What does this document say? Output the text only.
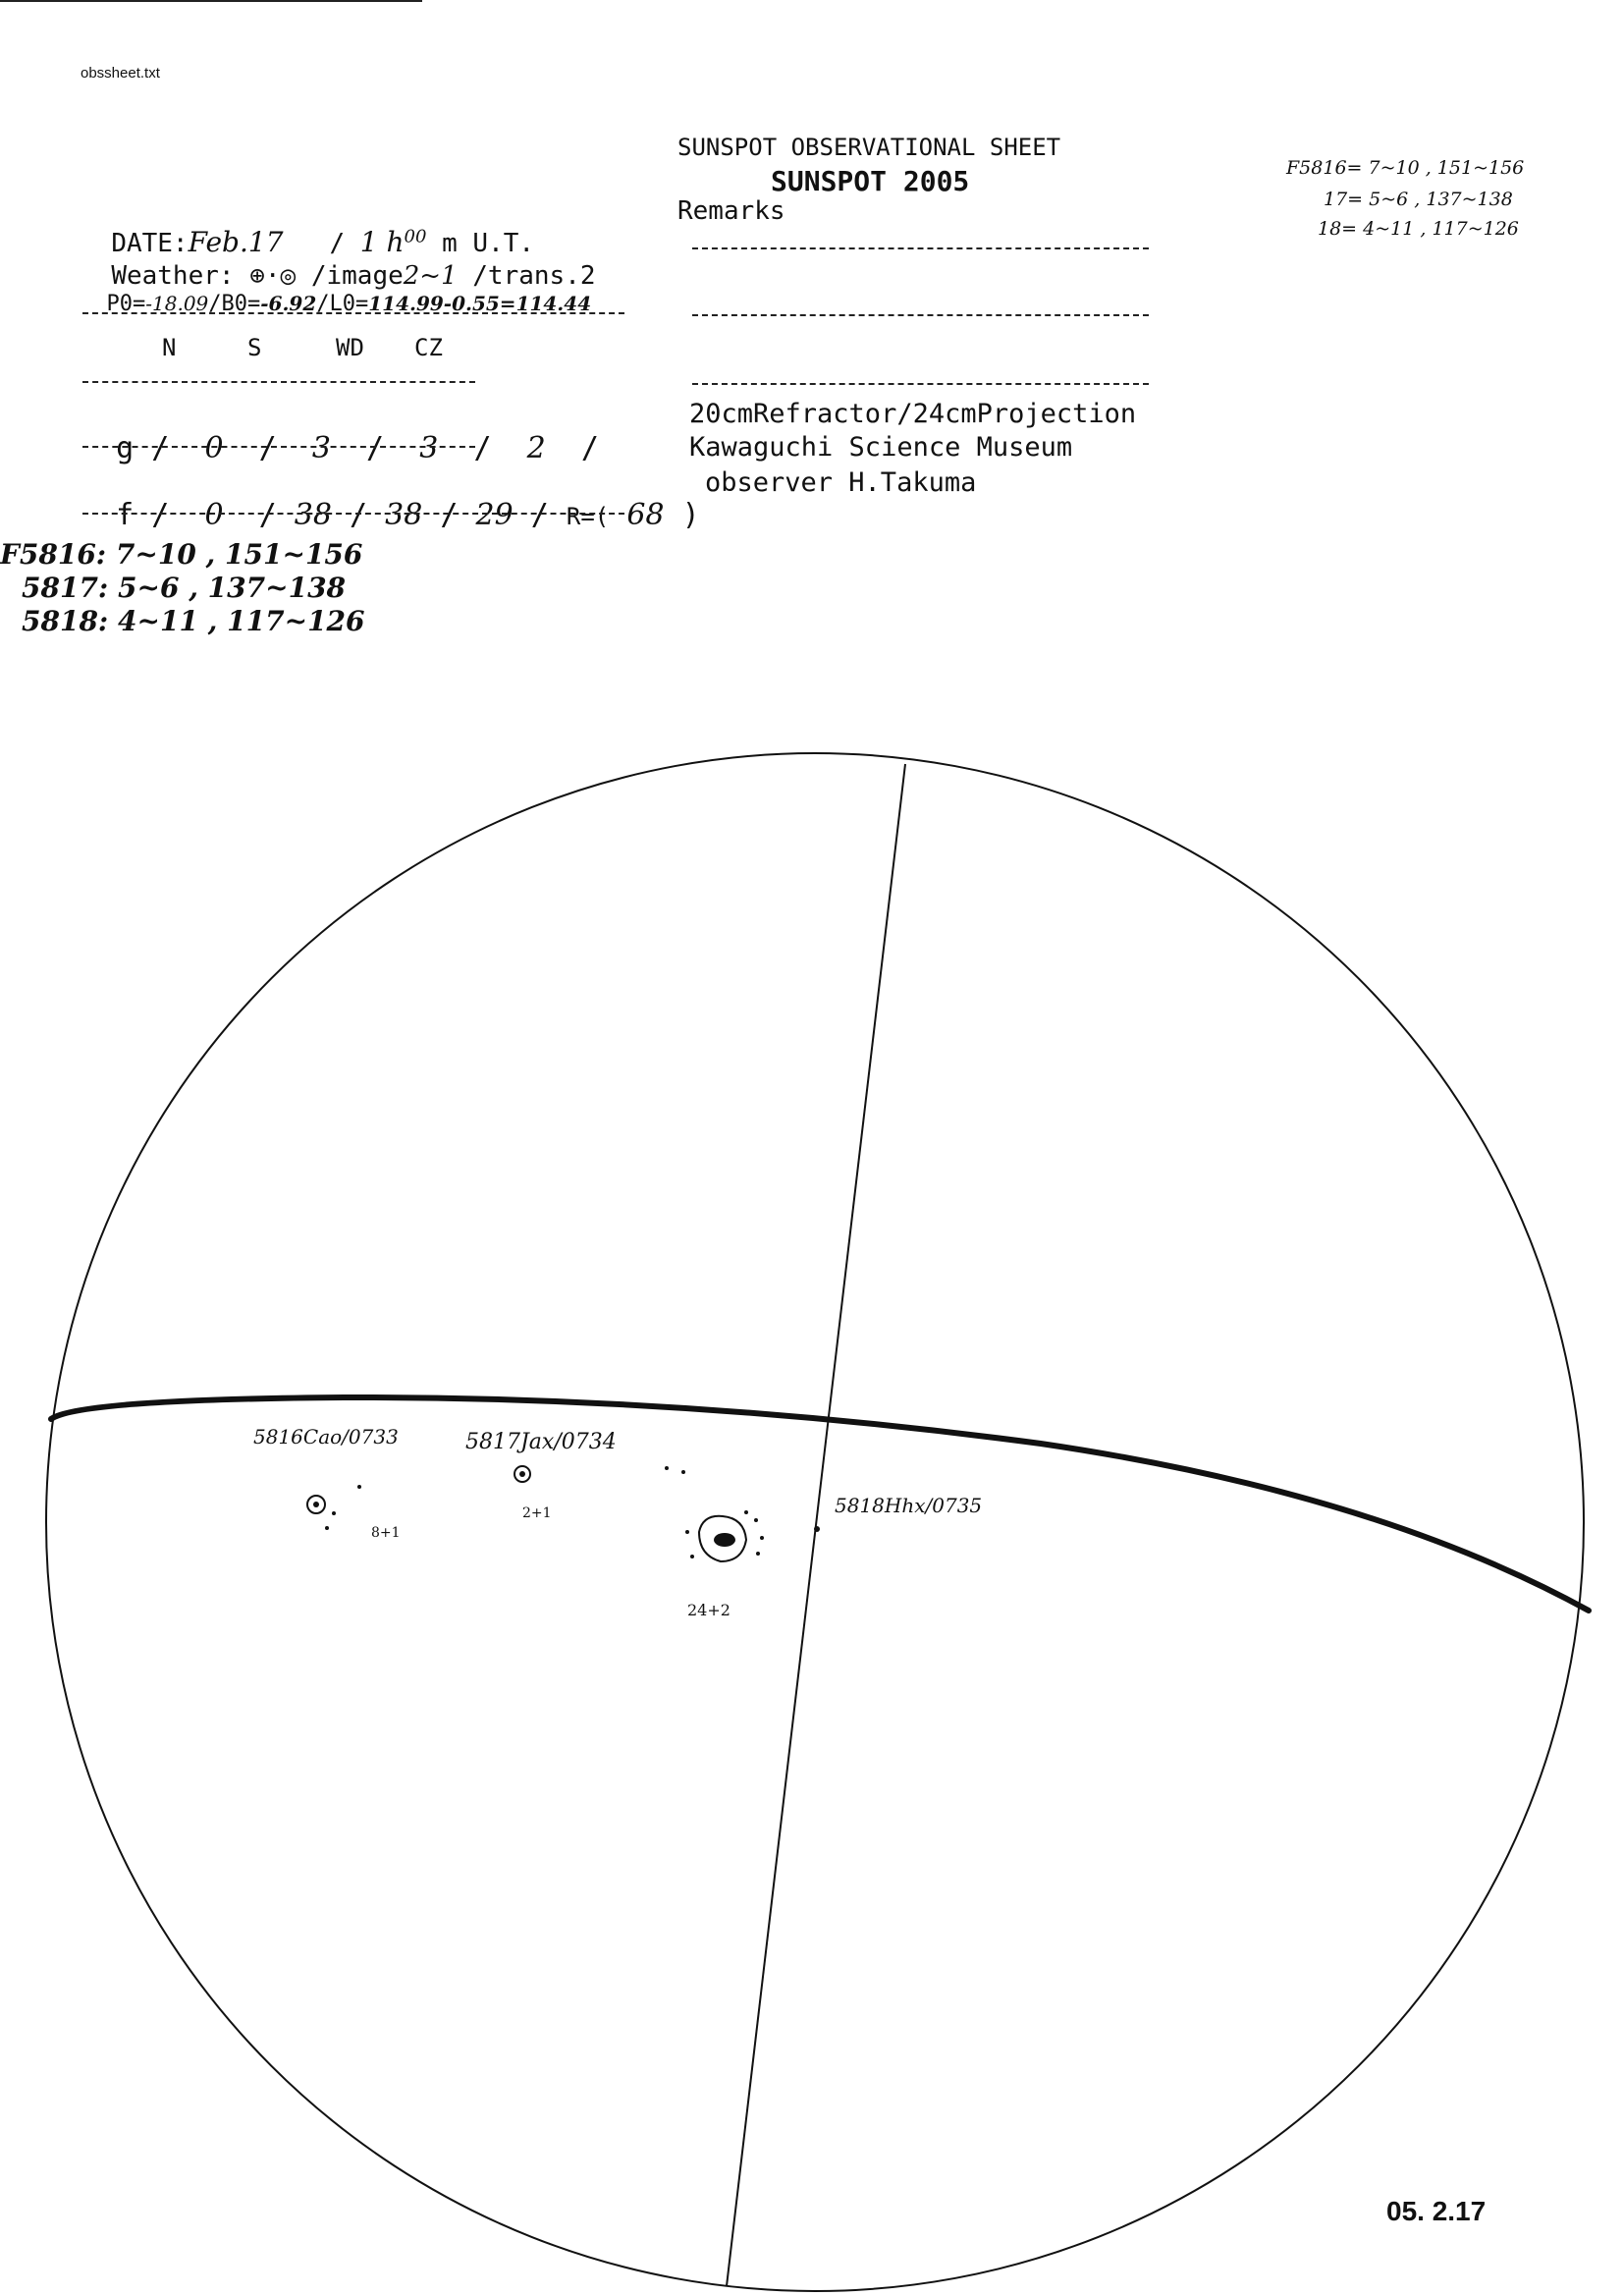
obssheet.txt
SUNSPOT OBSERVATIONAL SHEET
SUNSPOT 2005

DATE:Feb.17 / 1 $h^{00}$ m U.T.

Remarks

Weather: ⊕·◎ /image2~1 /trans.2

P0=-18.09/B0=-6.92/L0=114.99-0.55=114.44

N	S	WD CZ

g /  0  /  3  /  3  /  2  /

f /  0  / 38 / 38 / 29 / R=( 68 )

20cmRefractor/24cmProjection
Kawaguchi Science Museum
observer H.Takuma
F5816: 7~10 , 151~156
5817: 5~6 , 137~138
5818: 4~11 , 117~126
F5816= 7~10 , 151~156
17= 5~6 , 137~138
18= 4~11 , 117~126
5816Cao/0733
8+1
5817Jax/0734
2+1	5818Hhx/0735
24+2
05. 2.17
